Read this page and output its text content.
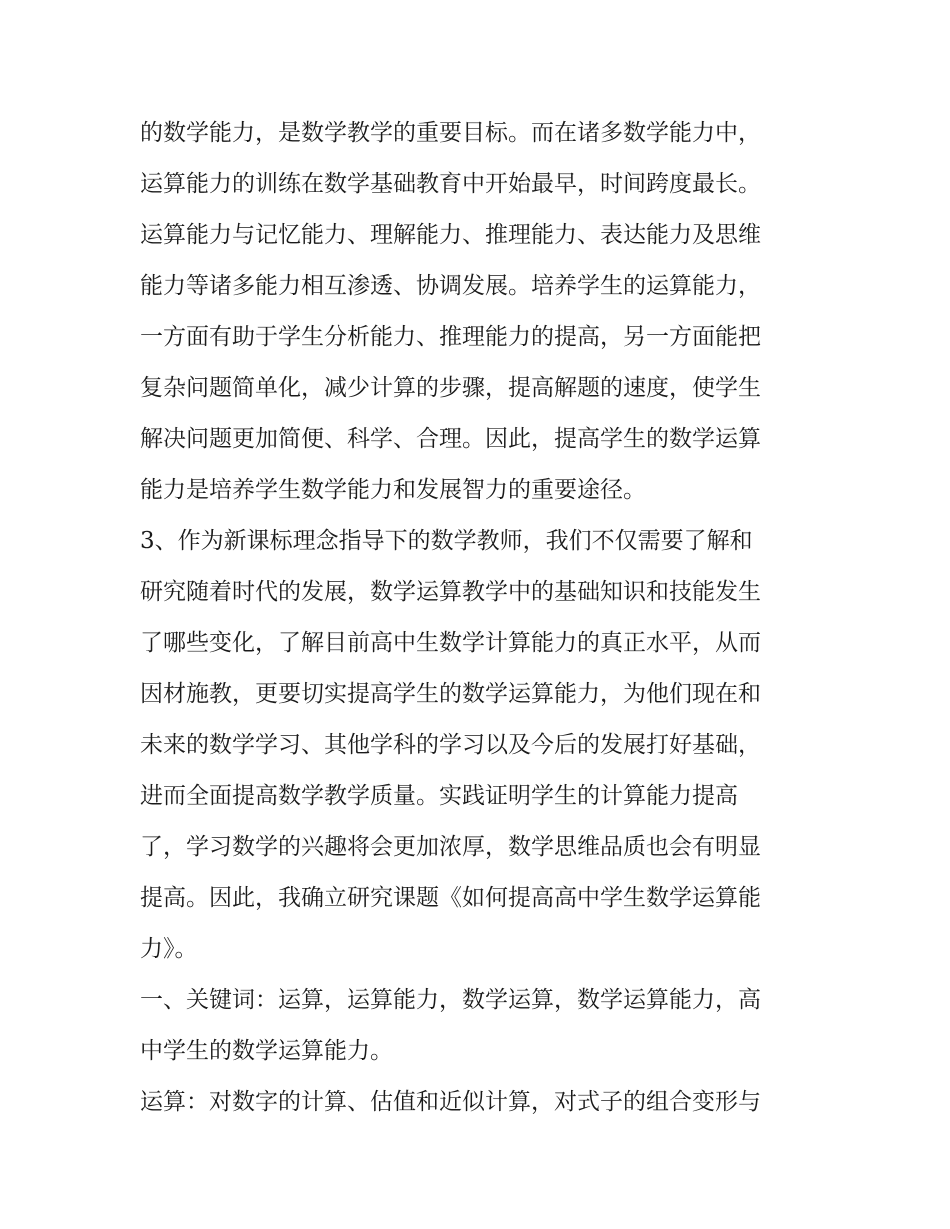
的数学能力，是数学教学的重要目标。而在诸多数学能力中，
运算能力的训练在数学基础教育中开始最早，时间跨度最长。
运算能力与记忆能力、理解能力、推理能力、表达能力及思维
能力等诸多能力相互渗透、协调发展。培养学生的运算能力，
一方面有助于学生分析能力、推理能力的提高，另一方面能把
复杂问题简单化，减少计算的步骤，提高解题的速度，使学生
解决问题更加简便、科学、合理。因此，提高学生的数学运算
能力是培养学生数学能力和发展智力的重要途径。
3、作为新课标理念指导下的数学教师，我们不仅需要了解和
研究随着时代的发展，数学运算教学中的基础知识和技能发生
了哪些变化，了解目前高中生数学计算能力的真正水平，从而
因材施教，更要切实提高学生的数学运算能力，为他们现在和
未来的数学学习、其他学科的学习以及今后的发展打好基础，
进而全面提高数学教学质量。实践证明学生的计算能力提高
了，学习数学的兴趣将会更加浓厚，数学思维品质也会有明显
提高。因此，我确立研究课题《如何提高高中学生数学运算能
力》。
一、关键词：运算，运算能力，数学运算，数学运算能力，高
中学生的数学运算能力。
运算：对数字的计算、估值和近似计算，对式子的组合变形与
